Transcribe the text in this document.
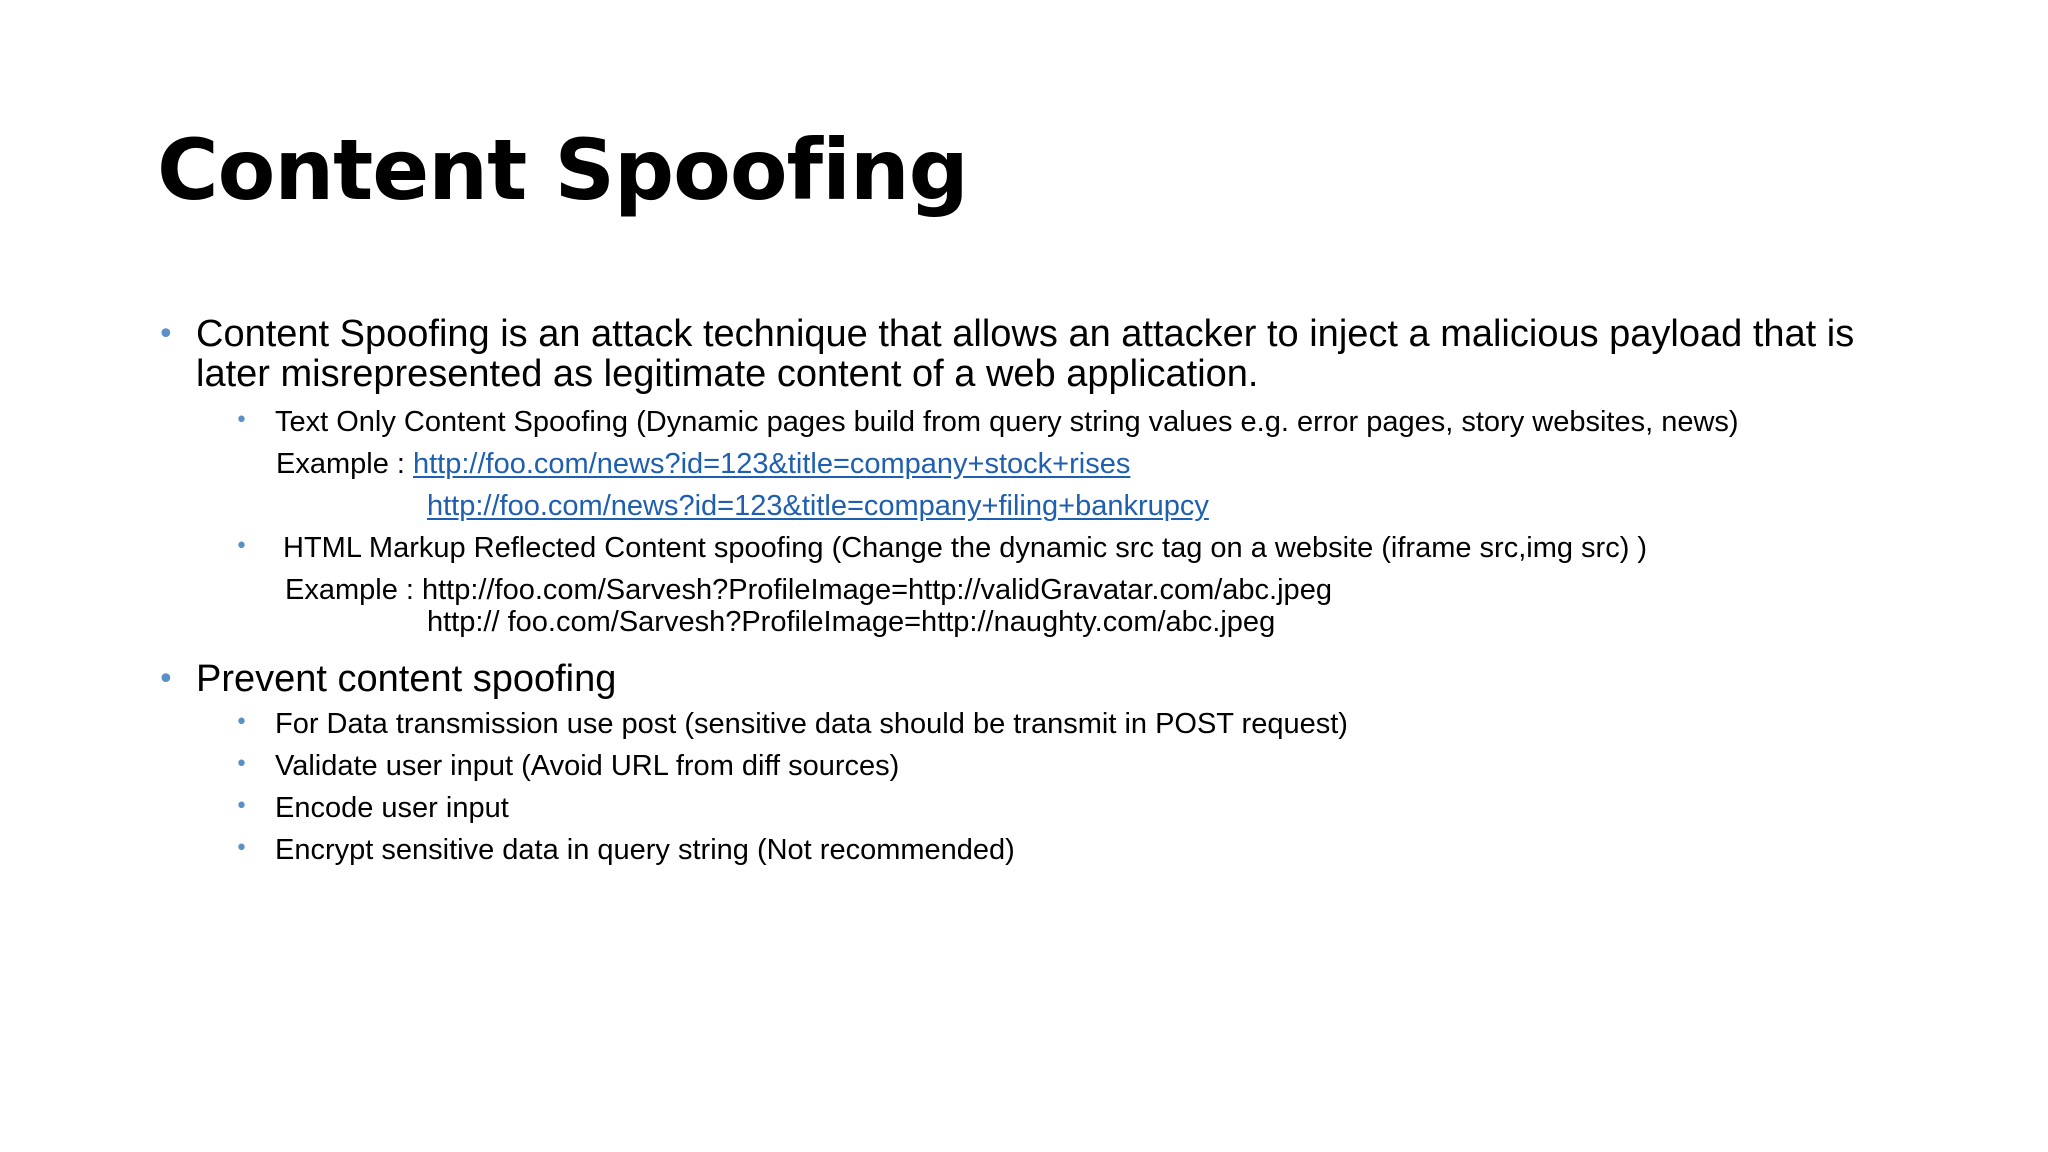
Content Spoofing
• Content Spoofing is an attack technique that allows an attacker to inject a malicious payload that is
later misrepresented as legitimate content of a web application.
• Text Only Content Spoofing (Dynamic pages build from query string values e.g. error pages, story websites, news)
Example : http://foo.com/news?id=123&title=company+stock+rises
http://foo.com/news?id=123&title=company+filing+bankrupcy
• HTML Markup Reflected Content spoofing (Change the dynamic src tag on a website (iframe src,img src) )
Example : http://foo.com/Sarvesh?ProfileImage=http://validGravatar.com/abc.jpeg
http:// foo.com/Sarvesh?ProfileImage=http://naughty.com/abc.jpeg
• Prevent content spoofing
• For Data transmission use post (sensitive data should be transmit in POST request)
• Validate user input (Avoid URL from diff sources)
• Encode user input
• Encrypt sensitive data in query string (Not recommended)
